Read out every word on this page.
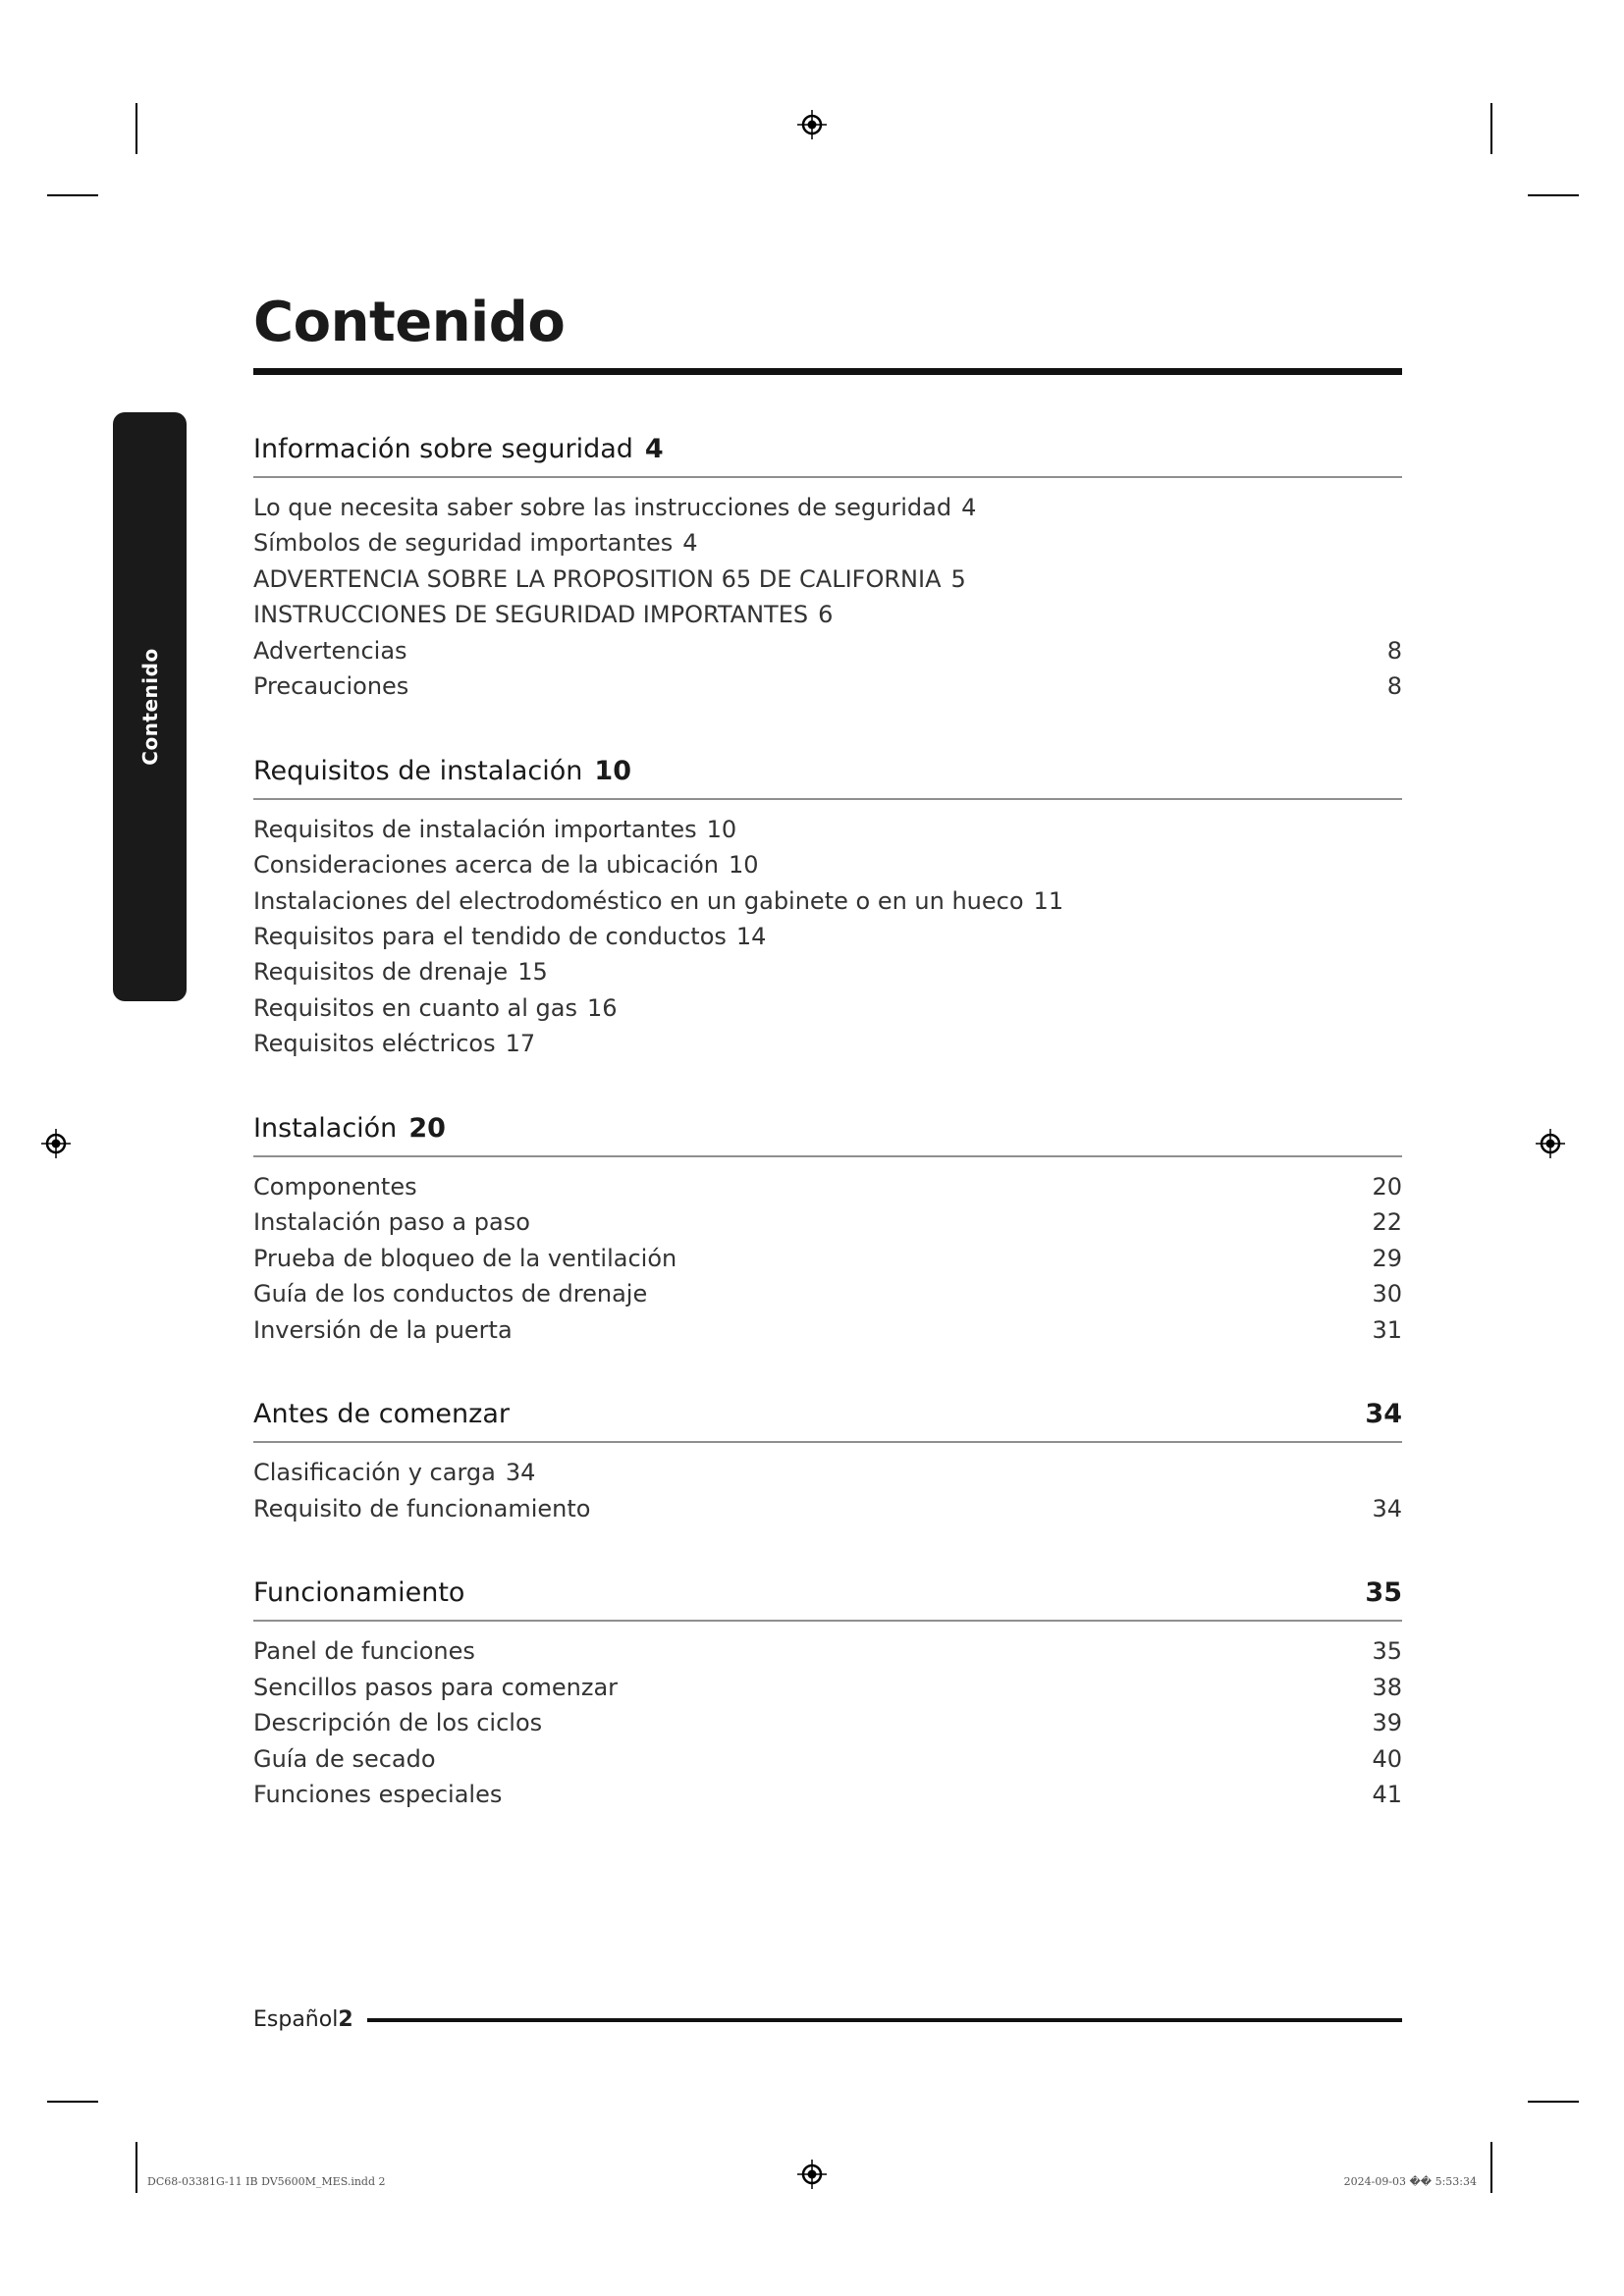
Contenido
Contenido
Información sobre seguridad 4
Lo que necesita saber sobre las instrucciones de seguridad 4
Símbolos de seguridad importantes 4
ADVERTENCIA SOBRE LA PROPOSITION 65 DE CALIFORNIA 5
INSTRUCCIONES DE SEGURIDAD IMPORTANTES 6
Advertencias	8
Precauciones	8
Requisitos de instalación 10
Requisitos de instalación importantes 10
Consideraciones acerca de la ubicación 10
Instalaciones del electrodoméstico en un gabinete o en un hueco 11
Requisitos para el tendido de conductos 14
Requisitos de drenaje 15
Requisitos en cuanto al gas 16
Requisitos eléctricos 17
Instalación 20
Componentes	20
Instalación paso a paso	22
Prueba de bloqueo de la ventilación	29
Guía de los conductos de drenaje	30
Inversión de la puerta	31
Antes de comenzar	34
Clasificación y carga 34
Requisito de funcionamiento	34
Funcionamiento	35
Panel de funciones	35
Sencillos pasos para comenzar	38
Descripción de los ciclos	39
Guía de secado	40
Funciones especiales	41
Español2
DC68-03381G-11 IB DV5600M_MES.indd 2	2024-09-03 �� 5:53:34
